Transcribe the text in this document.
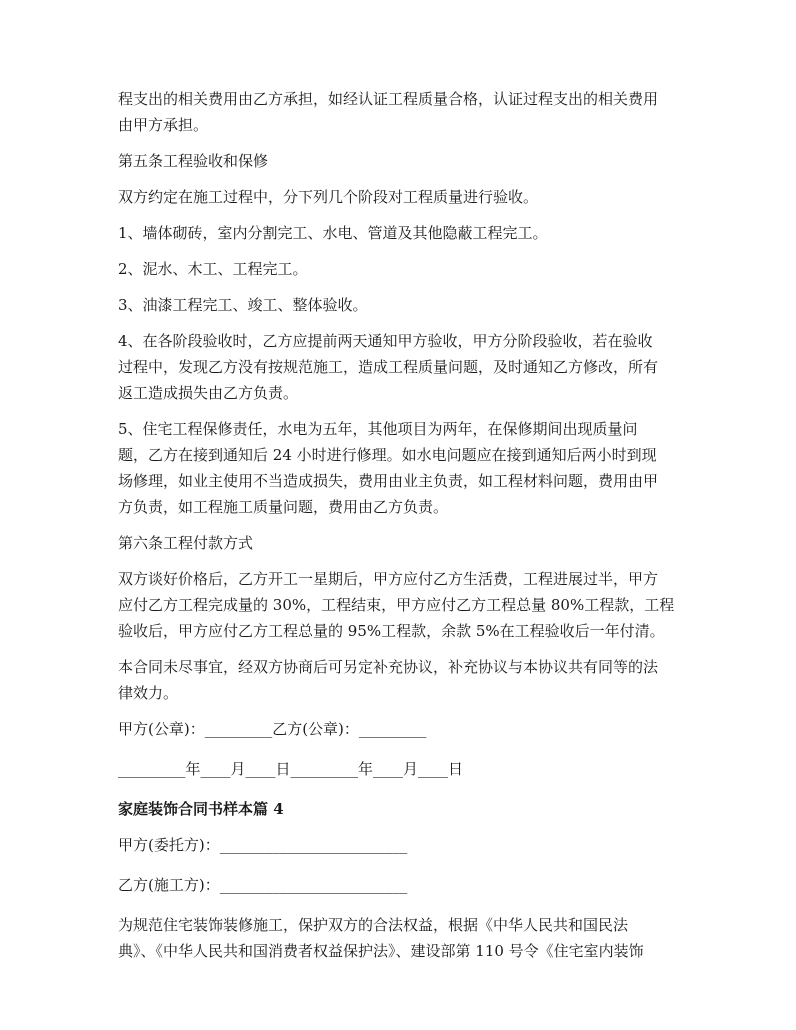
程支出的相关费用由乙方承担，如经认证工程质量合格，认证过程支出的相关费用
由甲方承担。
第五条工程验收和保修
双方约定在施工过程中，分下列几个阶段对工程质量进行验收。
1、墙体砌砖，室内分割完工、水电、管道及其他隐蔽工程完工。
2、泥水、木工、工程完工。
3、油漆工程完工、竣工、整体验收。
4、在各阶段验收时，乙方应提前两天通知甲方验收，甲方分阶段验收，若在验收
过程中，发现乙方没有按规范施工，造成工程质量问题，及时通知乙方修改，所有
返工造成损失由乙方负责。
5、住宅工程保修责任，水电为五年，其他项目为两年，在保修期间出现质量问
题，乙方在接到通知后 24 小时进行修理。如水电问题应在接到通知后两小时到现
场修理，如业主使用不当造成损失，费用由业主负责，如工程材料问题，费用由甲
方负责，如工程施工质量问题，费用由乙方负责。
第六条工程付款方式
双方谈好价格后，乙方开工一星期后，甲方应付乙方生活费，工程进展过半，甲方
应付乙方工程完成量的 30%，工程结束，甲方应付乙方工程总量 80%工程款，工程
验收后，甲方应付乙方工程总量的 95%工程款，余款 5%在工程验收后一年付清。
本合同未尽事宜，经双方协商后可另定补充协议，补充协议与本协议共有同等的法
律效力。
甲方(公章)：_________乙方(公章)：_________
_________年____月____日_________年____月____日
家庭装饰合同书样本篇 4
甲方(委托方)：_________________________
乙方(施工方)：_________________________
为规范住宅装饰装修施工，保护双方的合法权益，根据《中华人民共和国民法
典》、《中华人民共和国消费者权益保护法》、建设部第 110 号令《住宅室内装饰
